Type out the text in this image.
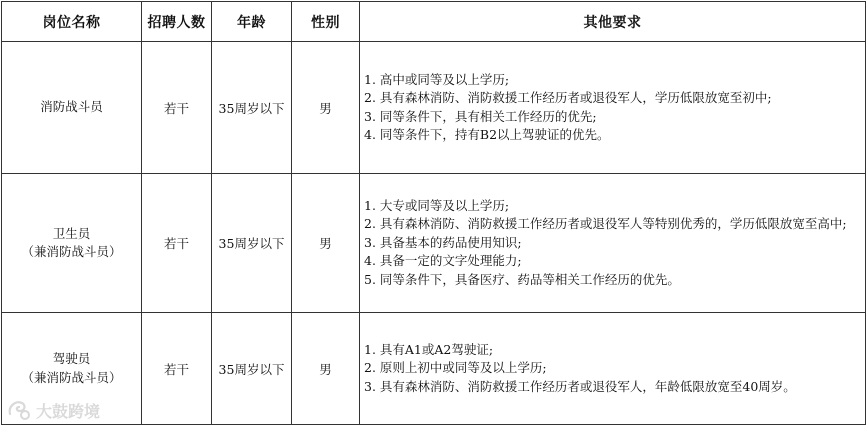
岗位名称	招聘人数	年龄	性别	其他要求

消防战斗员	若干	35周岁以下	男	1. 高中或同等及以上学历;
2. 具有森林消防、消防救援工作经历者或退役军人，学历低限放宽至初中;
3. 同等条件下，具有相关工作经历的优先;
4. 同等条件下，持有B2以上驾驶证的优先。

卫生员
（兼消防战斗员）	若干	35周岁以下	男	1. 大专或同等及以上学历;
2. 具有森林消防、消防救援工作经历者或退役军人等特别优秀的，学历低限放宽至高中;
3. 具备基本的药品使用知识;
4. 具备一定的文字处理能力;
5. 同等条件下，具备医疗、药品等相关工作经历的优先。

驾驶员
（兼消防战斗员）	若干	35周岁以下	男	1. 具有A1或A2驾驶证;
2. 原则上初中或同等及以上学历;
3. 具有森林消防、消防救援工作经历者或退役军人，年龄低限放宽至40周岁。
大鼓跨境
